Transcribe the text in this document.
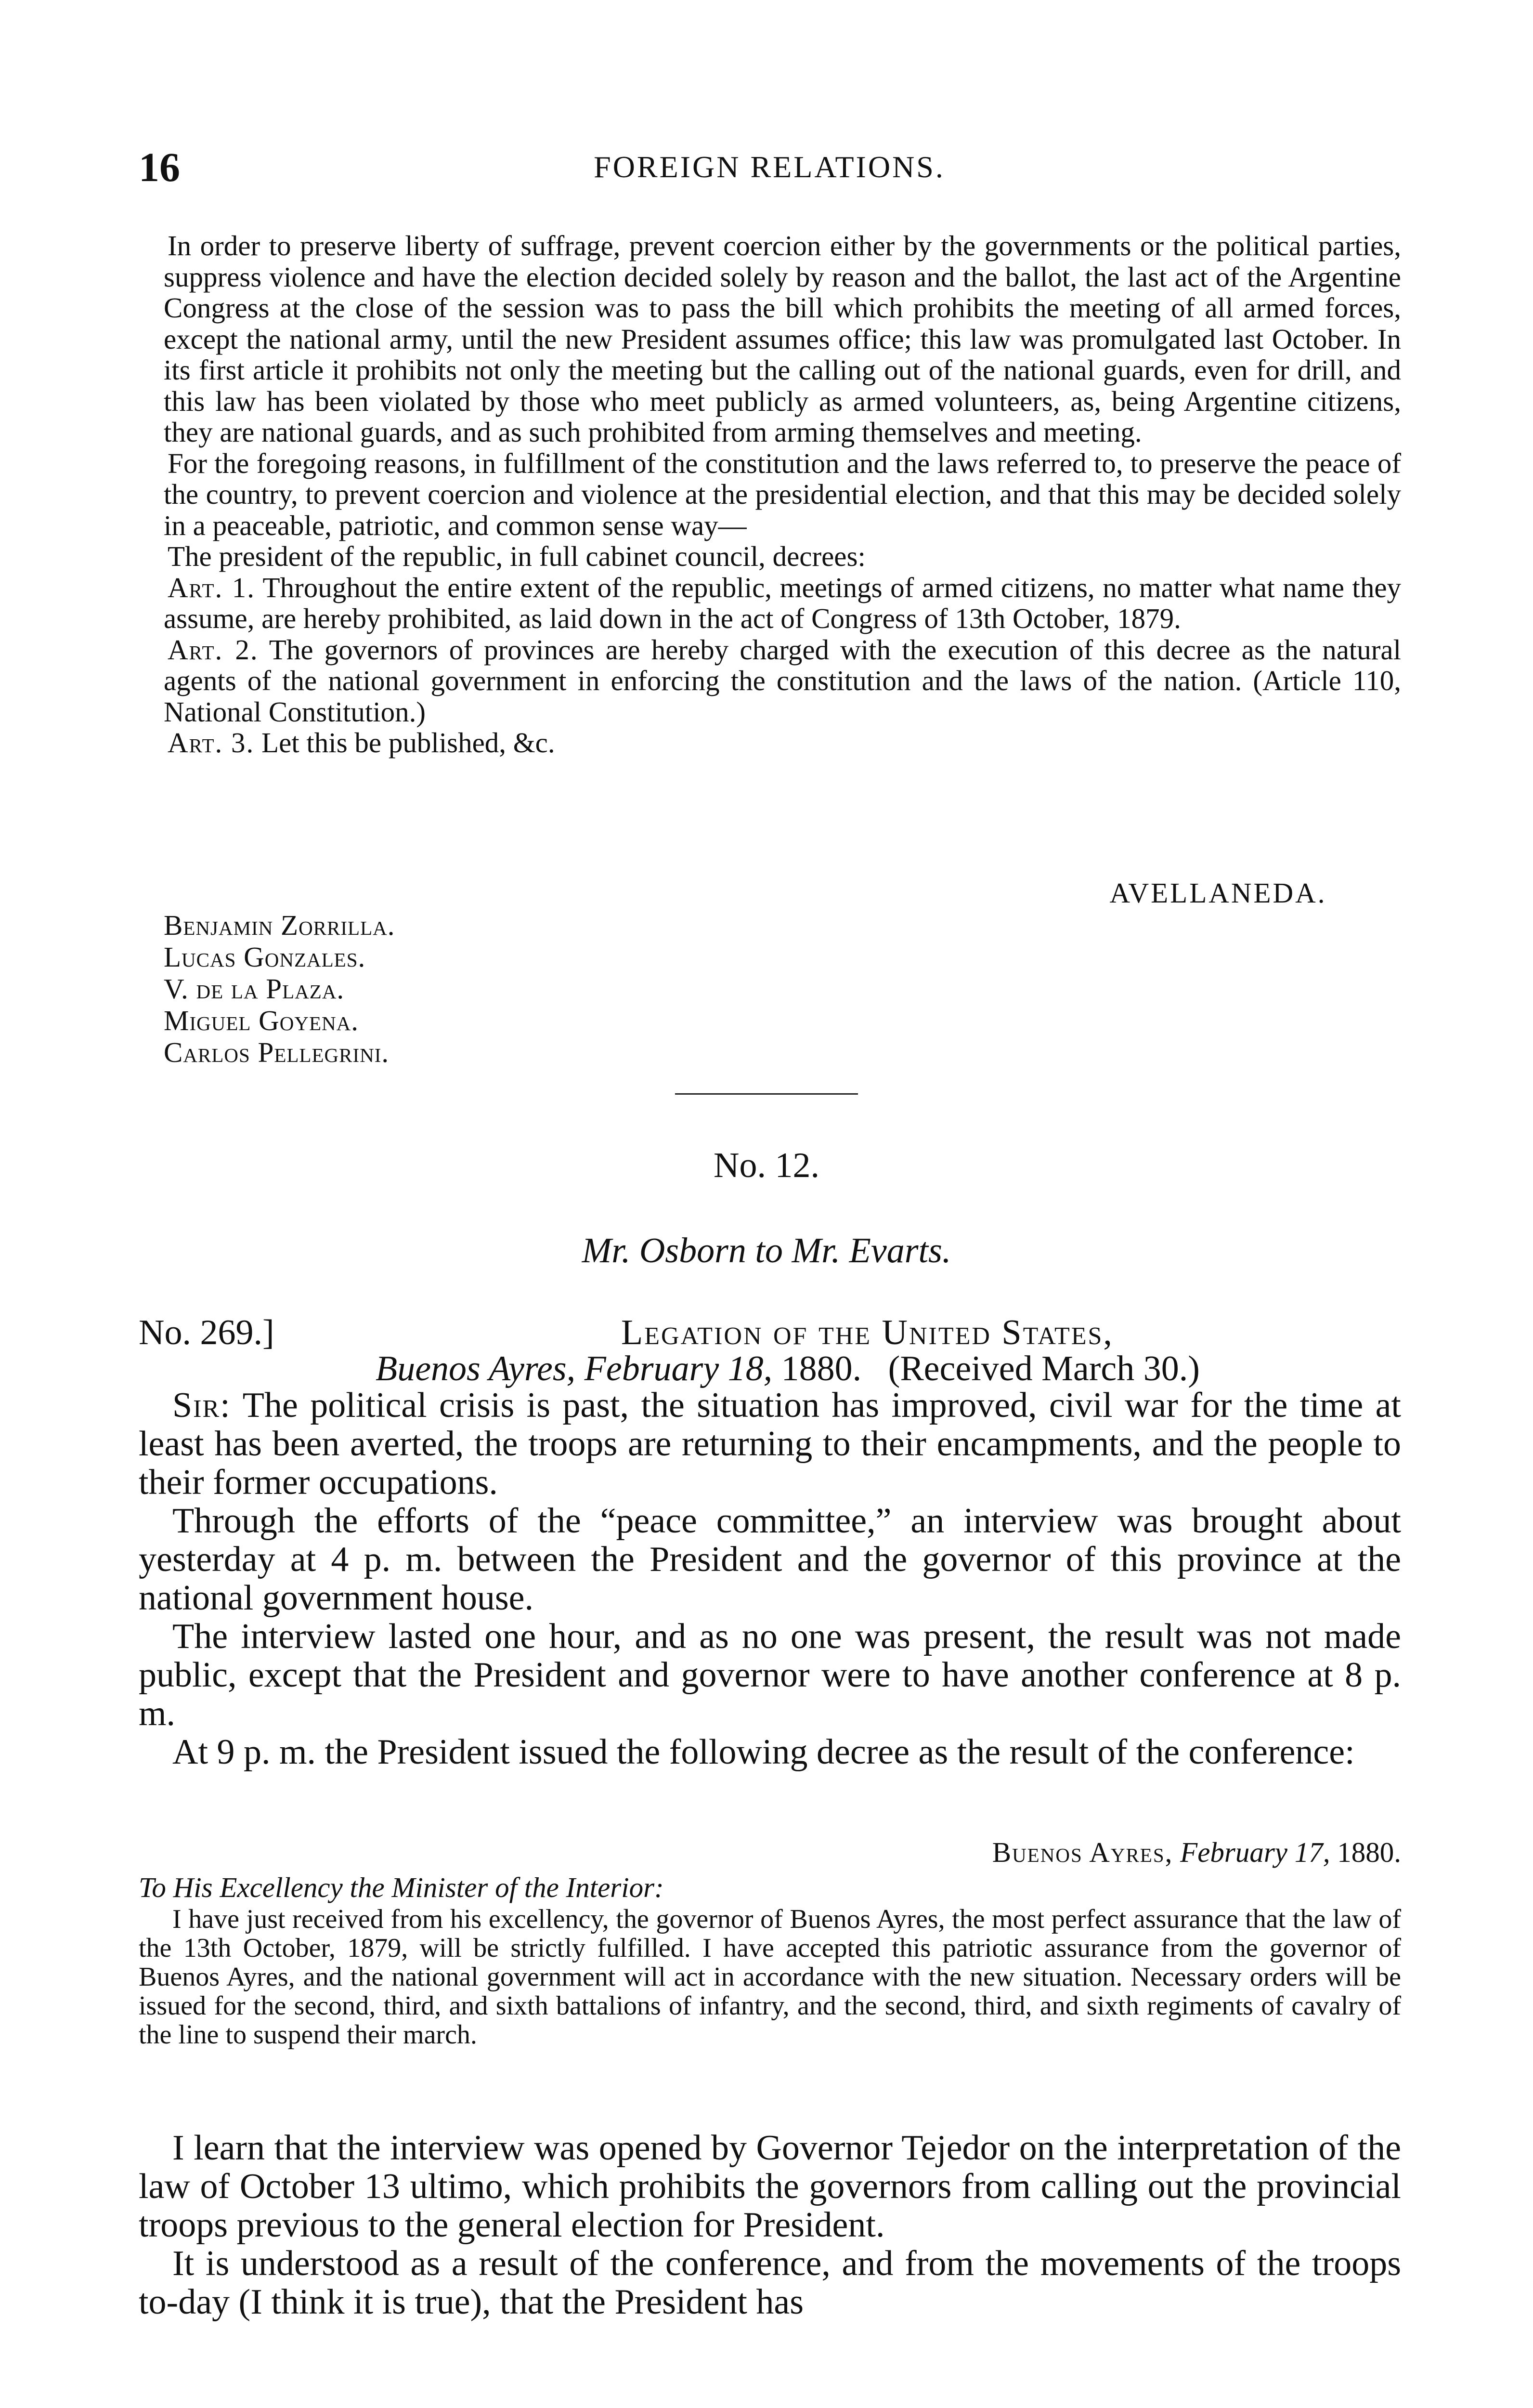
16	FOREIGN RELATIONS.

In order to preserve liberty of suffrage, prevent coercion either by the governments or the political parties, suppress violence and have the election decided solely by reason and the ballot, the last act of the Argentine Congress at the close of the session was to pass the bill which prohibits the meeting of all armed forces, except the national army, until the new President assumes office; this law was promulgated last October. In its first article it prohibits not only the meeting but the calling out of the national guards, even for drill, and this law has been violated by those who meet publicly as armed volunteers, as, being Argentine citizens, they are national guards, and as such prohibited from arming themselves and meeting.

For the foregoing reasons, in fulfillment of the constitution and the laws referred to, to preserve the peace of the country, to prevent coercion and violence at the presidential election, and that this may be decided solely in a peaceable, patriotic, and common sense way—

The president of the republic, in full cabinet council, decrees:

Art. 1. Throughout the entire extent of the republic, meetings of armed citizens, no matter what name they assume, are hereby prohibited, as laid down in the act of Congress of 13th October, 1879.

Art. 2. The governors of provinces are hereby charged with the execution of this decree as the natural agents of the national government in enforcing the constitution and the laws of the nation. (Article 110, National Constitution.)

Art. 3. Let this be published, &c.

AVELLANEDA.
Benjamin Zorrilla.
Lucas Gonzales.
V. de la Plaza.
Miguel Goyena.
Carlos Pellegrini.
No. 12.
Mr. Osborn to Mr. Evarts.
No. 269.]	Legation of the United States,
Buenos Ayres, February 18, 1880. (Received March 30.)

Sir: The political crisis is past, the situation has improved, civil war for the time at least has been averted, the troops are returning to their encampments, and the people to their former occupations.

Through the efforts of the “peace committee,” an interview was brought about yesterday at 4 p. m. between the President and the governor of this province at the national government house.

The interview lasted one hour, and as no one was present, the result was not made public, except that the President and governor were to have another conference at 8 p. m.

At 9 p. m. the President issued the following decree as the result of the conference:

Buenos Ayres, February 17, 1880.
To His Excellency the Minister of the Interior:

I have just received from his excellency, the governor of Buenos Ayres, the most perfect assurance that the law of the 13th October, 1879, will be strictly fulfilled. I have accepted this patriotic assurance from the governor of Buenos Ayres, and the national government will act in accordance with the new situation. Necessary orders will be issued for the second, third, and sixth battalions of infantry, and the second, third, and sixth regiments of cavalry of the line to suspend their march.

I learn that the interview was opened by Governor Tejedor on the interpretation of the law of October 13 ultimo, which prohibits the governors from calling out the provincial troops previous to the general election for President.

It is understood as a result of the conference, and from the movements of the troops to-day (I think it is true), that the President has
